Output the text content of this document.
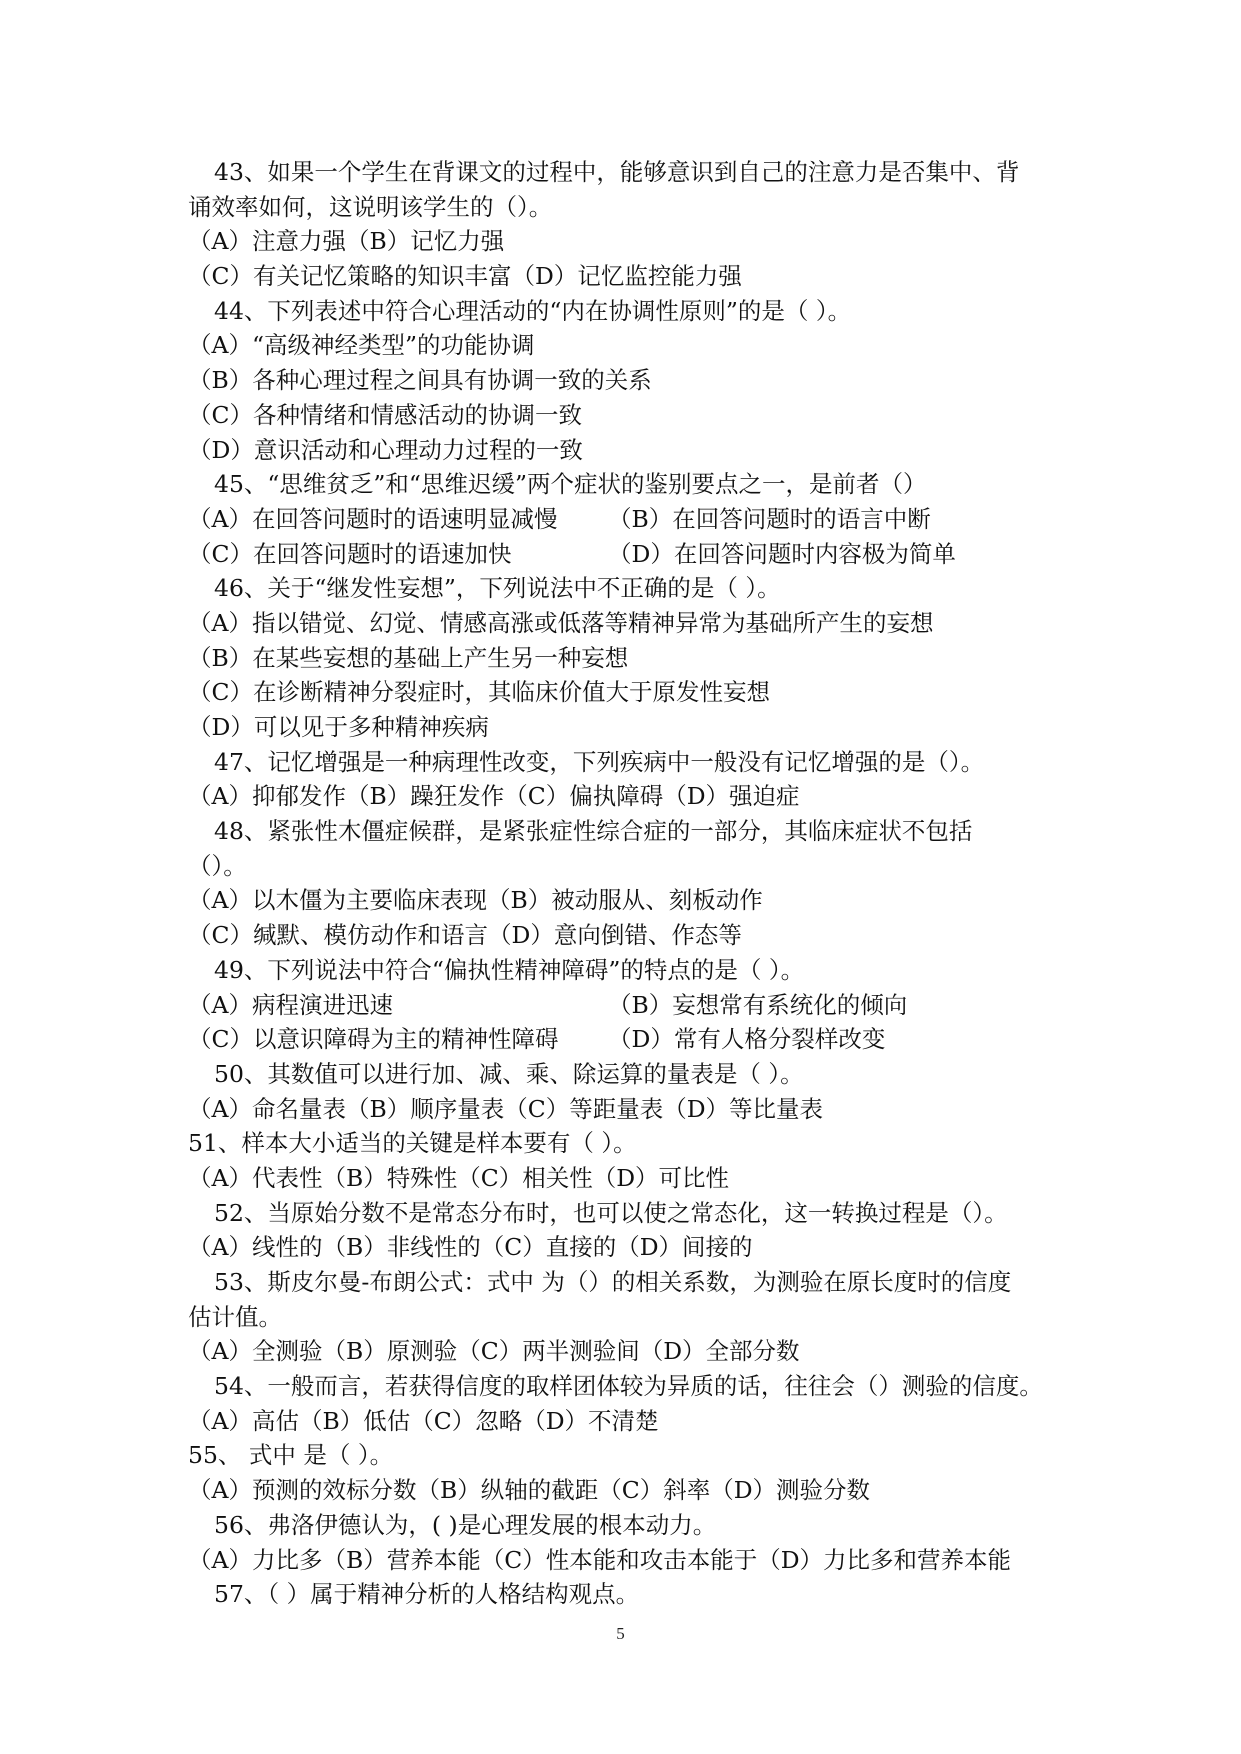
43、如果一个学生在背课文的过程中，能够意识到自己的注意力是否集中、背
诵效率如何，这说明该学生的（）。
（A）注意力强（B）记忆力强
（C）有关记忆策略的知识丰富（D）记忆监控能力强
44、下列表述中符合心理活动的“内在协调性原则”的是（ ）。
（A）“高级神经类型”的功能协调
（B）各种心理过程之间具有协调一致的关系
（C）各种情绪和情感活动的协调一致
（D）意识活动和心理动力过程的一致
45、“思维贫乏”和“思维迟缓”两个症状的鉴别要点之一，是前者（）
（A）在回答问题时的语速明显减慢	（B）在回答问题时的语言中断
（C）在回答问题时的语速加快	（D）在回答问题时内容极为简单
46、关于“继发性妄想”，下列说法中不正确的是（ ）。
（A）指以错觉、幻觉、情感高涨或低落等精神异常为基础所产生的妄想
（B）在某些妄想的基础上产生另一种妄想
（C）在诊断精神分裂症时，其临床价值大于原发性妄想
（D）可以见于多种精神疾病
47、记忆增强是一种病理性改变，下列疾病中一般没有记忆增强的是（）。
（A）抑郁发作（B）躁狂发作（C）偏执障碍（D）强迫症
48、紧张性木僵症候群，是紧张症性综合症的一部分，其临床症状不包括
（）。
（A）以木僵为主要临床表现（B）被动服从、刻板动作
（C）缄默、模仿动作和语言（D）意向倒错、作态等
49、下列说法中符合“偏执性精神障碍”的特点的是（ ）。
（A）病程演进迅速	（B）妄想常有系统化的倾向
（C）以意识障碍为主的精神性障碍	（D）常有人格分裂样改变
50、其数值可以进行加、减、乘、除运算的量表是（ ）。
（A）命名量表（B）顺序量表（C）等距量表（D）等比量表
51、样本大小适当的关键是样本要有（ ）。
（A）代表性（B）特殊性（C）相关性（D）可比性
52、当原始分数不是常态分布时，也可以使之常态化，这一转换过程是（）。
（A）线性的（B）非线性的（C）直接的（D）间接的
53、斯皮尔曼-布朗公式：式中 为（）的相关系数，为测验在原长度时的信度
估计值。
（A）全测验（B）原测验（C）两半测验间（D）全部分数
54、一般而言，若获得信度的取样团体较为异质的话，往往会（）测验的信度。
（A）高估（B）低估（C）忽略（D）不清楚
55、 式中 是（ ）。
（A）预测的效标分数（B）纵轴的截距（C）斜率（D）测验分数
56、弗洛伊德认为，( )是心理发展的根本动力。
（A）力比多（B）营养本能（C）性本能和攻击本能于（D）力比多和营养本能
57、（ ）属于精神分析的人格结构观点。
5
